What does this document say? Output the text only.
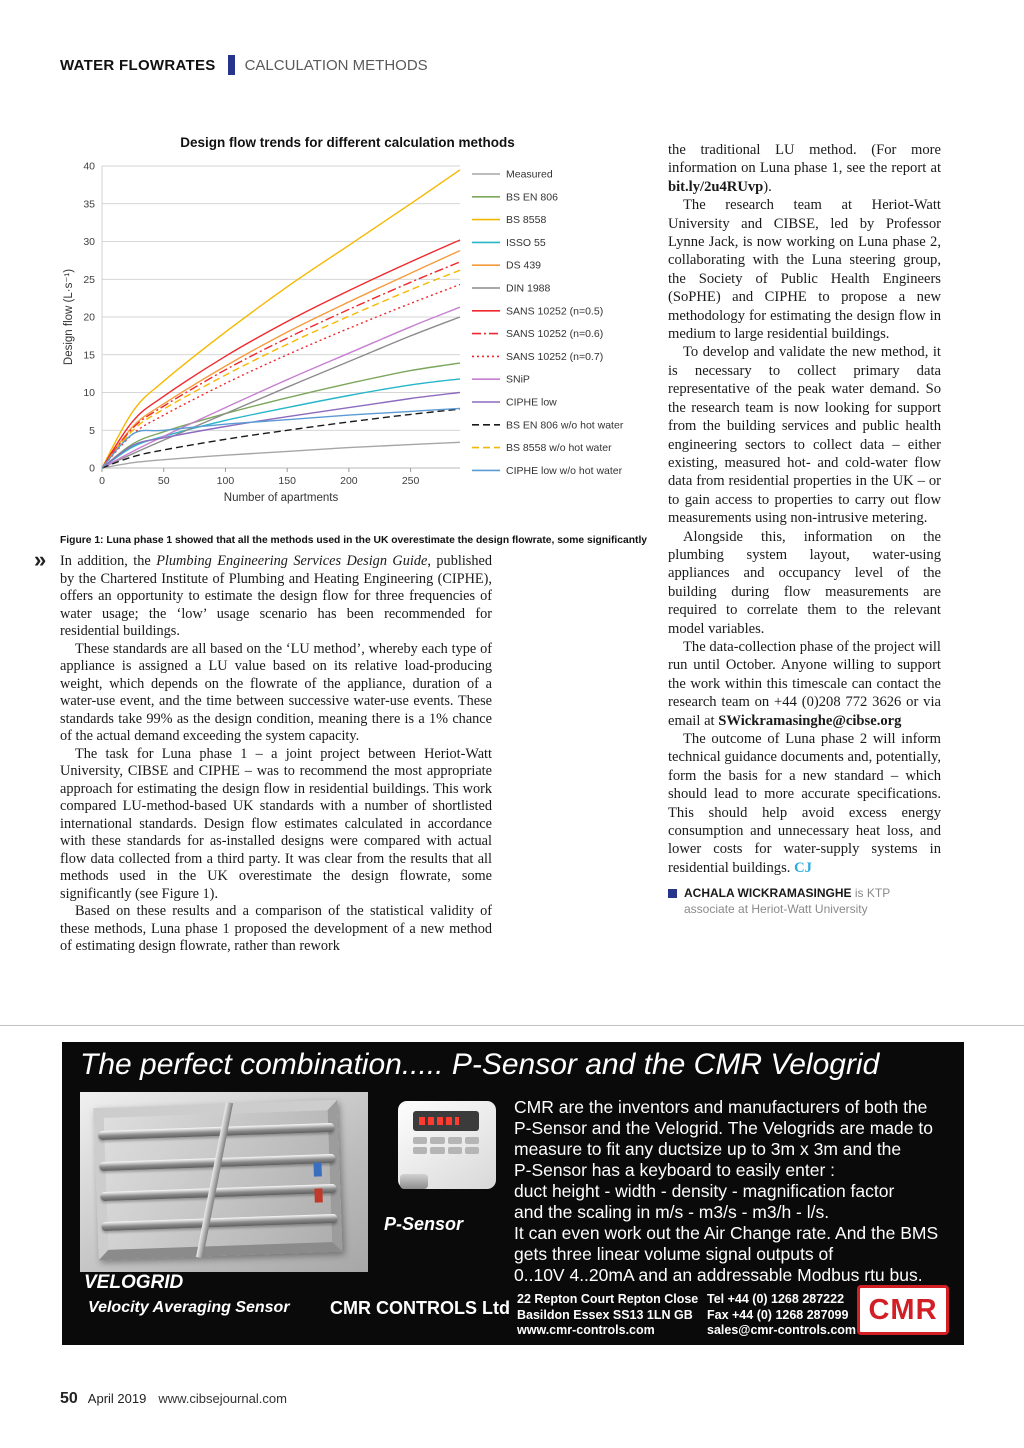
WATER FLOWRATES CALCULATION METHODS
Design flow trends for different calculation methods
0
5
10
15
20
25
30
35
40
0	50	100	150	200	250
Number of apartments
Design flow (L·s⁻¹)
Measured
BS EN 806
BS 8558
ISSO 55
DS 439
DIN 1988
SANS 10252 (n=0.5)
SANS 10252 (n=0.6)
SANS 10252 (n=0.7)
SNiP
CIPHE low
BS EN 806 w/o hot water
BS 8558 w/o hot water
CIPHE low w/o hot water
Figure 1: Luna phase 1 showed that all the methods used in the UK overestimate the design flowrate, some significantly
» In addition, the Plumbing Engineering Services Design Guide, published by the Chartered Institute of Plumbing and Heating Engineering (CIPHE), offers an opportunity to estimate the design flow for three frequencies of water usage; the ‘low’ usage scenario has been recommended for residential buildings.

These standards are all based on the ‘LU method’, whereby each type of appliance is assigned a LU value based on its relative load-producing weight, which depends on the flowrate of the appliance, duration of a water-use event, and the time between successive water-use events. These standards take 99% as the design condition, meaning there is a 1% chance of the actual demand exceeding the system capacity.

The task for Luna phase 1 – a joint project between Heriot-Watt University, CIBSE and CIPHE – was to recommend the most appropriate approach for estimating the design flow in residential buildings. This work compared LU-method-based UK standards with a number of shortlisted international standards. Design flow estimates calculated in accordance with these standards for as-installed designs were compared with actual flow data collected from a third party. It was clear from the results that all methods used in the UK overestimate the design flowrate, some significantly (see Figure 1).

Based on these results and a comparison of the statistical validity of these methods, Luna phase 1 proposed the development of a new method of estimating design flowrate, rather than rework

the traditional LU method. (For more information on Luna phase 1, see the report at bit.ly/2u4RUvp).

The research team at Heriot-Watt University and CIBSE, led by Professor Lynne Jack, is now working on Luna phase 2, collaborating with the Luna steering group, the Society of Public Health Engineers (SoPHE) and CIPHE to propose a new methodology for estimating the design flow in medium to large residential buildings.

To develop and validate the new method, it is necessary to collect primary data representative of the peak water demand. So the research team is now looking for support from the building services and public health engineering sectors to collect data – either existing, measured hot- and cold-water flow data from residential properties in the UK – or to gain access to properties to carry out flow measurements using non-intrusive metering.

Alongside this, information on the plumbing system layout, water-using appliances and occupancy level of the building during flow measurements are required to correlate them to the relevant model variables.

The data-collection phase of the project will run until October. Anyone willing to support the work within this timescale can contact the research team on +44 (0)208 772 3626 or via email at SWickramasinghe@cibse.org

The outcome of Luna phase 2 will inform technical guidance documents and, potentially, form the basis for a new standard – which should lead to more accurate specifications. This should help avoid excess energy consumption and unnecessary heat loss, and lower costs for water-supply systems in residential buildings. CJ

ACHALA WICKRAMASINGHE is KTP associate at Heriot-Watt University
The perfect combination..... P-Sensor and the CMR Velogrid
P-Sensor
CMR are the inventors and manufacturers of both the
P-Sensor and the Velogrid. The Velogrids are made to
measure to fit any ductsize up to 3m x 3m and the
P-Sensor has a keyboard to easily enter :
duct height - width - density - magnification factor
and the scaling in m/s - m3/s - m3/h - l/s.
It can even work out the Air Change rate. And the BMS
gets three linear volume signal outputs of
0..10V 4..20mA and an addressable Modbus rtu bus.

VELOGRID
Velocity Averaging Sensor CMR CONTROLS Ltd 22 Repton Court Repton Close
Basildon Essex SS13 1LN GB
www.cmr-controls.com
Tel +44 (0) 1268 287222
Fax +44 (0) 1268 287099
sales@cmr-controls.com
CMR
50 April 2019 www.cibsejournal.com
